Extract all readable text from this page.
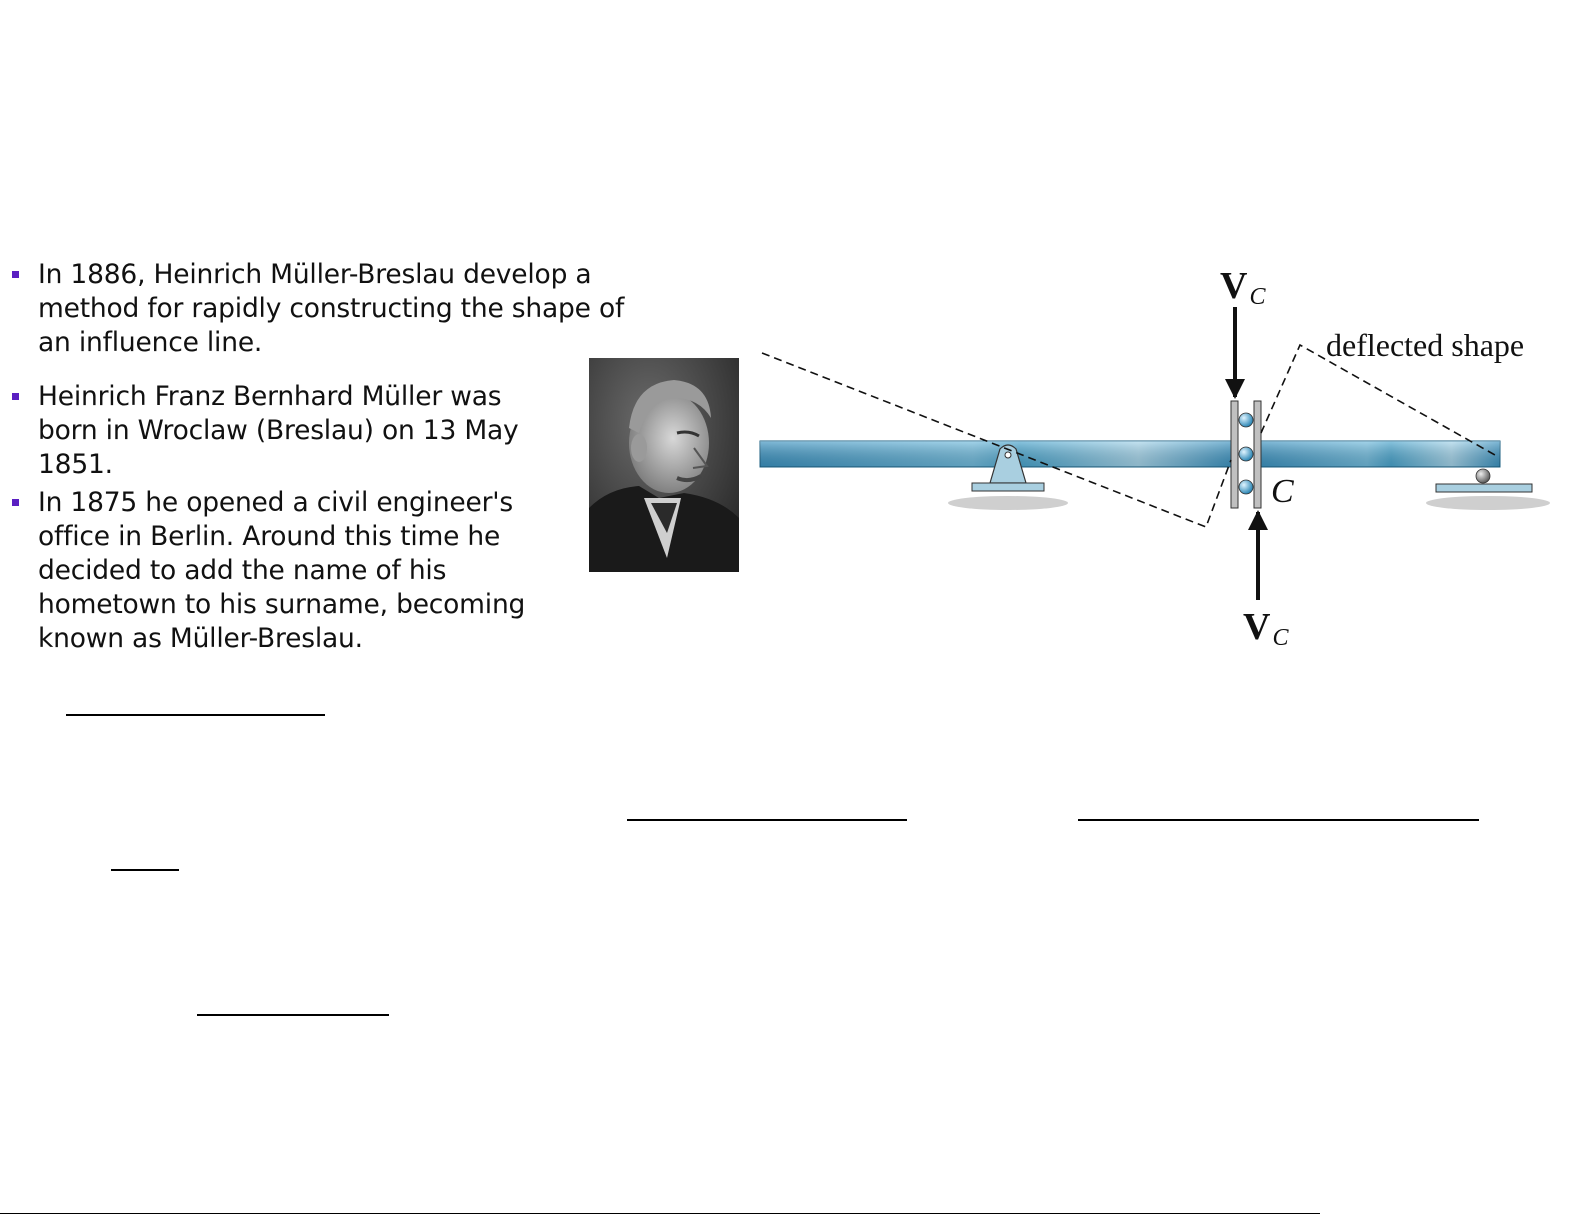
In 1886, Heinrich Müller-Breslau develop a
method for rapidly constructing the shape of
an influence line.
Heinrich Franz Bernhard Müller was
born in Wroclaw (Breslau) on 13 May
1851.
In 1875 he opened a civil engineer's
office in Berlin. Around this time he
decided to add the name of his
hometown to his surname, becoming
known as Müller-Breslau.
VC
VC
C
deflected shape
